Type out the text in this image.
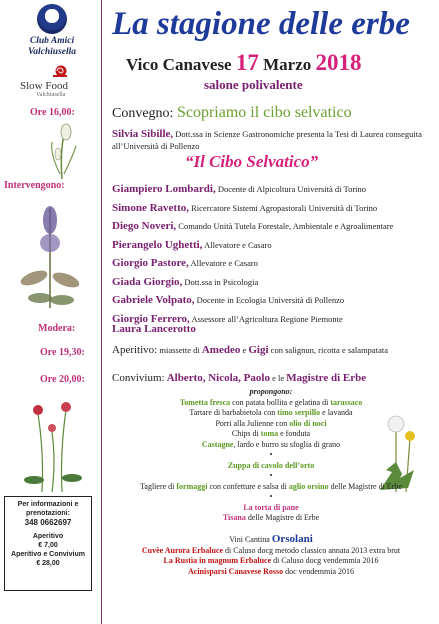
Club Amici
Valchiusella
Slow Food
Valchiusella
Ore 16,00:
Intervengono:
Modera:
Ore 19,30:
Ore 20,00:
La stagione delle erbe
Vico Canavese 17 Marzo 2018
salone polivalente
Convegno: Scopriamo il cibo selvatico
Silvia Sibille, Dott.ssa in Scienze Gastronomiche presenta la Tesi di Laurea conseguita all’Università di Pollenzo
“Il Cibo Selvatico”
Giampiero Lombardi, Docente di Alpicoltura Università di Torino
Simone Ravetto, Ricercatore Sistemi Agropastorali Università di Torino
Diego Noveri, Comando Unità Tutela Forestale, Ambientale e Agroalimentare
Pierangelo Ughetti, Allevatore e Casaro
Giorgio Pastore, Allevatore e Casaro
Giada Giorgio, Dott.ssa in Psicologia
Gabriele Volpato, Docente in Ecologia Università di Pollenzo
Giorgio Ferrero, Assessore all’Agricoltura Regione Piemonte
Laura Lancerotto
Aperitivo: miassette di Amedeo e Gigi con salignun, ricotta e salampatata
Convivium: Alberto, Nicola, Paolo e le Magistre di Erbe
propongono:
Tometta fresca con patata bollita e gelatina di tarassaco
Tartare di barbabietola con timo serpillo e lavanda
Porri alla Julienne con olio di noci
Chips di toma e fonduta
Castagne, lardo e burro su sfoglia di grano
•
Zuppa di cavolo dell’orto
•
Tagliere di formaggi con confetture e salsa di aglio orsino delle Magistre di Erbe
•
La torta di pane
Tisana delle Magistre di Erbe
Vini Cantina Orsolani
Cuvèe Aurora Erbaluce di Caluso docg metodo classico annata 2013 extra brut
La Rustìa in magnum Erbaluce di Caluso docg vendemmia 2016
Acinisparsi Canavese Rosso doc vendemmia 2016
Per informazioni e
prenotazioni:
348 0662697
Aperitivo
€ 7,00
Aperitivo e Convivium
€ 28,00
